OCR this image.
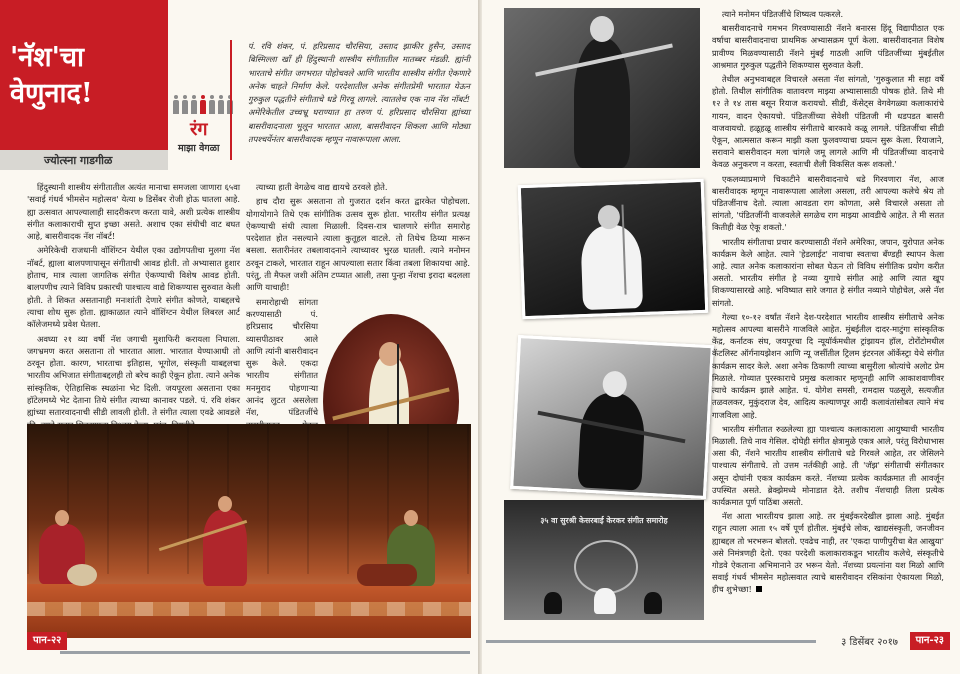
'नॅश'चा
वेणुनाद!
ज्योत्स्ना गाडगीळ
रंग
माझा वेगळा
पं. रवि शंकर, पं. हरिप्रसाद चौरसिया, उस्ताद झाकीर हुसैन, उस्ताद बिस्मिल्ला खाँ ही हिंदुस्थानी शास्त्रीय संगीतातील मातब्बर मंडळी. ह्यांनी भारताचे संगीत जगभरात पोहोचवले आणि भारतीय शास्त्रीय संगीत ऐकणारे अनेक चाहते निर्माण केले. परदेशातील अनेक संगीतप्रेमी भारतात येऊन गुरुकुल पद्धतीने संगीताचे धडे गिरवू लागले. त्यातलेच एक नाव नॅश नॉबर्ट! अमेरिकेतील उच्चभ्रू घराण्यात हा तरुण पं. हरिप्रसाद चौरसिया ह्यांच्या बासरीवादनाला भुलून भारतात आला, बासरीवादन शिकला आणि मोठ्या तपश्चर्येनंतर बासरीवादक म्हणून नावारूपाला आला.

हिंदुस्थानी शास्त्रीय संगीतातील अत्यंत मानाचा समजला जाणारा ६५वा 'सवाई गंधर्व भीमसेन महोत्सव' येत्या ७ डिसेंबर रोजी होऊ घातला आहे. ह्या उत्सवात आपल्यालाही सादरीकरण करता यावे, अशी प्रत्येक शास्त्रीय संगीत कलाकाराची सुप्त इच्छा असते. अशाच एका संधीची वाट बघत आहे, बासरीवादक नॅश नॉबर्ट!

अमेरिकेची राजधानी वॉशिंग्टन येथील एका उद्योगपतीचा मुलगा नॅश नॉबर्ट, ह्याला बालपणापासून संगीताची आवड होती. तो अभ्यासात हुशार होताच, मात्र त्याला जागतिक संगीत ऐकण्याची विशेष आवड होती. बालपणीच त्याने विविध प्रकारची पाश्चात्य वाद्ये शिकण्यास सुरुवात केली होती. ते शिकत असतानाही मनःशांती देणारे संगीत कोणते, याबद्दलचे त्याचा शोध सुरू होता. ह्याकाळात त्याने वॉशिंग्टन येथील लिबरल आर्ट कॉलेजमध्ये प्रवेश घेतला.

अवघ्या २१ व्या वर्षी नॅश जगाची मुशाफिरी करायला निघाला. जगभ्रमण करत असताना तो भारतात आला. भारतात येण्याआधी तो ठरवून होता. कारण, भारताचा इतिहास, भूगोल, संस्कृती याबद्दलचा भारतीय अभिजात संगीताबद्दलही तो बरेच काही ऐकून होता. त्याने अनेक सांस्कृतिक, ऐतिहासिक स्थळांना भेट दिली. जयपूरला असताना एका हॉटेलमध्ये भेट देताना तिथे संगीत त्याच्या कानावर पडले. पं. रवि शंकर ह्यांच्या सतारवादनाची सीडी लावली होती. ते संगीत त्याला एवढे आवडले

त्याच्या हाती वेगळेच वाद्य द्यायचे ठरवले होते.

हाच दौरा सुरू असताना तो गुजरात दर्शन करत द्वारकेत पोहोचला. योगायोगाने तिथे एक सांगीतिक उत्सव सुरू होता. भारतीय संगीत प्रत्यक्ष ऐकण्याची संधी त्याला मिळाली. दिवस-रात्र चालणारे संगीत समारोह परदेशात होत नसल्याने त्याला कुतूहल वाटले. तो तिथेच ठिय्या मारून बसला. सतारीनंतर तबलावादनाने त्याच्यावर भुरळ घातली. त्याने मनोमन ठरवून टाकले, भारतात राहून आपल्याला सतार किंवा तबला शिकायचा आहे. परंतु, ती मैफल जशी अंतिम टप्प्यात आली, तसा पुन्हा नॅशचा इरादा बदलला आणि याचाही!

समारोहाची सांगता करण्यासाठी पं. हरिप्रसाद चौरसिया व्यासपीठावर आले आणि त्यांनी बासरीवादन सुरू केले. एकदा भारतीय संगीतात मनमुराद पोहणाऱ्या आनंद लुटत असलेला नॅश, पंडितजींचे

पान-२२
३५ वा सुरश्री केसरबाई केरकर संगीत समारोह

त्याने मनोमन पंडितजींचे शिष्यत्व पत्करले.

बासरीवादनाचे गमभन गिरवण्यासाठी नॅशने बनारस हिंदू विद्यापीठात एक वर्षाचा बासरीवादनाचा प्राथमिक अभ्यासक्रम पूर्ण केला. बासरीवादनात विशेष प्रावीण्य मिळवण्यासाठी नॅशने मुंबई गाठली आणि पंडितजींच्या मुंबईतील आश्रमात गुरुकुल पद्धतीने शिकण्यास सुरुवात केली.

तेथील अनुभवाबद्दल विचारले असता नॅश सांगतो, 'गुरुकुलात मी सहा वर्षे होतो. तिथील सांगीतिक वातावरण माझ्या अभ्यासासाठी पोषक होते. तिथे मी १२ ते १४ तास बसून रियाज करायचो. सीडी, कॅसेट्स वेगवेगळ्या कलाकारांचे गायन, वादन ऐकायचो. पंडितजींच्या सेवेशी पंडितजी मी धडपडत बासरी वाजवायचो. हळूहळू शास्त्रीय संगीताचे बारकावे कळू लागले. पंडितजींचा सीडी ऐकून, आत्मसात करून माझी कला फुलवण्याचा प्रयत्न सुरू केला. रियाजाने, सरावाने बासरीवादन मला चांगले जमू लागले आणि मी पंडितजींच्या वादनाचे केवळ अनुकरण न करता, स्वतःची शैली विकसित करू शकलो.'

एकलव्याप्रमाणे चिकाटीने बासरीवादनाचे धडे गिरवणारा नॅश, आज बासरीवादक म्हणून नावारूपाला आलेला असला, तरी आपल्या कलेचे श्रेय तो पंडितजींनाच देतो. त्याला आवडता राग कोणता, असे विचारले असता तो सांगतो, 'पंडितजींनी वाजवलेले सगळेच राग माझ्या आवडीचे आहेत. ते मी सतत कितीही वेळ ऐकू शकतो.'

भारतीय संगीताचा प्रचार करण्यासाठी नॅशने अमेरिका, जपान, युरोपात अनेक कार्यक्रम केले आहेत. त्याने 'हेडलाईट' नावाचा स्वतःचा बँण्डही स्थापन केला आहे. त्यात अनेक कलाकारांना सोबत घेऊन तो विविध संगीतिक प्रयोग करीत असतो. भारतीय संगीत हे नव्या युगाचे संगीत आहे आणि त्यात खूप शिकण्यासारखे आहे. भविष्यात सारे जगात हे संगीत नव्याने पोहोचेल, असे नॅश सांगतो.

गेल्या १०-१२ वर्षांत नॅशने देश-परदेशात भारतीय शास्त्रीय संगीताचे अनेक महोत्सव आपल्या बासरीने गाजविले आहेत. मुंबईतील दादर-माटुंगा सांस्कृतिक केंद्र, कर्नाटक संघ, जयपूरचा दि न्यूयॉर्कमधील ट्रांझायन हॉल, टोरोंटोमधील कॅटलिस्ट ऑर्गनायझेशन आणि न्यू जर्सीतील ट्रिलम इंटरनल ऑर्केस्ट्रा येथे संगीत कार्यक्रम सादर केले. अशा अनेक ठिकाणी त्याच्या बासुरीला श्रोत्यांचे अलोट प्रेम मिळाले. गोव्यात पुरस्काराचे प्रमुख कलाकार म्हणूनही आणि आकाशवाणीवर त्याचे कार्यक्रम झाले आहेत. पं. योगेश समसी, रामदास पळसुले, सत्यजीत तळवलकर, मुकुंदराज देव, आदित्य कल्याणपूर आदी कलावंतांसोबत त्याने मंच गाजविला आहे.

भारतीय संगीतात रुळलेल्या ह्या पाश्चात्य कलाकाराला आयुष्याची भारतीय मिळाली. तिचे नाव गेसिल. दोघेही संगीत क्षेत्रामुळे एकत्र आले, परंतु विरोधाभास असा की, नॅशने भारतीय शास्त्रीय संगीताचे धडे गिरवले आहेत, तर जेसिलने पाश्चात्य संगीताचे. तो उत्तम नर्तकीही आहे. ती 'जॅझ' संगीताची संगीतकार असून दोघांनी एकत्र कार्यक्रम करते. नॅशच्या प्रत्येक कार्यक्रमात ती आवर्जून उपस्थित असते. ब्रेक्झेमध्ये मोनाडात देते. तशीच नॅशचाही तिला प्रत्येक कार्यक्रमात पूर्ण पाठिंबा असतो.

नॅश आता भारतीयच झाला आहे. तर मुंबईकरदेखील झाला आहे. मुंबईत राहून त्याला आता १५ वर्षे पूर्ण होतील. मुंबईचे लोक, खाद्यसंस्कृती, जनजीवन ह्याबद्दल तो भरभरून बोलतो. एवढेच नाही, तर 'एकदा पाणीपुरीचा बेत आखुया' असे निमंत्रणही देतो. एका परदेशी कलाकाराकडून भारतीय कलेचे, संस्कृतीचे गोडवे ऐकताना अभिमानाने उर भरून येतो. नॅशच्या प्रयत्नांना यश मिळो आणि सवाई गंधर्व भीमसेन महोत्सवात त्याचे बासरीवादन रसिकांना ऐकायला मिळो, हीच शुभेच्छा!

३ डिसेंबर २०१७	पान-२३
